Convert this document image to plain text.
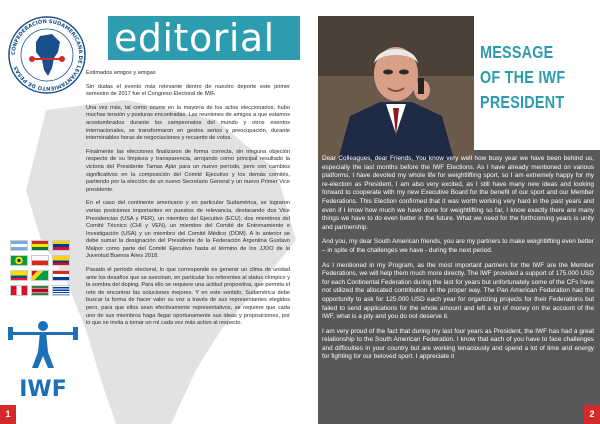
editorial
CONFEDERACIÓN SUDAMERICANA DE LEVANTAMIENTO DE PESAS
Estimados amigos y amigas

Sin dudas el evento más relevante dentro de nuestro deporte este primer semestre de 2017 fue el Congreso Electoral de IWF.

Una vez más, tal como ocurre en la mayoría de los actos eleccionarios, hubo muchas tensión y posturas encontradas. Las reuniones de amigos a que estamos acostumbrados durante los campeonatos del mundo y otros eventos internacionales, se transformaron en gestos serios y preocupación, durante interminables horas de negociaciones y recuento de votos.

Finalmente las elecciones finalizaron de forma correcta, sin ninguna objeción respecto de su limpieza y transparencia, arrojando como principal resultado la victoria del Presidente Tamas Aján para un nuevo período, pero con cambios significativos en la composición del Comité Ejecutivo y los demás comités, partiendo por la elección de un nuevo Secretario General y un nuevo Primer Vice presidente.

En el caso del continente americano y en particular Sudamérica, se lograron varias posiciones importantes en puestos de relevancia, destacando dos Vice Presidencias (USA y PER), un miembro del Ejecutivo (ECU), dos miembros del Comité Técnico (CHI y VEN), un miembro del Comité de Entrenamiento e Investigación (USA) y un miembro del Comité Médico (DOM). A lo anterior se debe sumar la designación del Presidente de la Federación Argentina Gustavo Malpor como parte del Comité Ejecutivo hasta el término de los JJOO de la Juventud Buenos Aires 2018.

Pasado el período electoral, lo que corresponde es generar un clima de unidad ante los desafíos que se avecinan, en particular los referentes al status olímpico y la sombra del doping. Para ello se requiere una actitud propositiva, que permita el reto de encontrar las soluciones mejores. Y en este sentido, Sudamérica debe buscar la forma de hacer valer su voz a través de sus representantes elegidos pero, para que ellos sean efectivamente representativos, se requiere que cada uno de sus miembros haga llegar oportunamente sus ideas y proposiciones, por lo que se invita a tomar un rol cada vez más activo al respecto.

IWF
1
MESSAGE
OF THE IWF
PRESIDENT

Dear Colleagues, dear Friends, You know very well how busy year we have been behind us, especially the last months before the IWF Elections. As I have already mentioned on various platforms, I have devoted my whole life for weightlifting sport, so I am extremely happy for my re-election as President. I am also very excited, as I still have many new ideas and looking forward to cooperate with my new Executive Board for the benefit of our sport and our Member Federations. This Election confirmed that it was worth working very hard in the past years and even if I know how much we have done for weightlifting so far, I know exactly there are many things we have to do even better in the future. What we need for the forthcoming years is unity and partnership.

And you, my dear South American friends, you are my partners to make weightlifting even better – in spite of the challenges we have - during the next period.

As I mentioned in my Program, as the most important partners for the IWF are the Member Federations, we will help them much more directly. The IWF provided a support of 175.000 USD for each Continental Federation during the last for years but unfortunately some of the CFs have not utilized the allocated contribution in the proper way. The Pan American Federation had the opportunity to ask for 125.000 USD each year for organizing projects for their Federations but failed to send applications for the whole amount and left a lot of money on the account of the IWF, what is a pity and you do not deserve it.

I am very proud of the fact that during my last four years as President, the IWF has had a great relationship to the South American Federation. I know that each of you have to face challenges and difficulties in your country but are working tenaciously and spend a lot of time and energy for fighting for our beloved sport. I appreciate it

2
